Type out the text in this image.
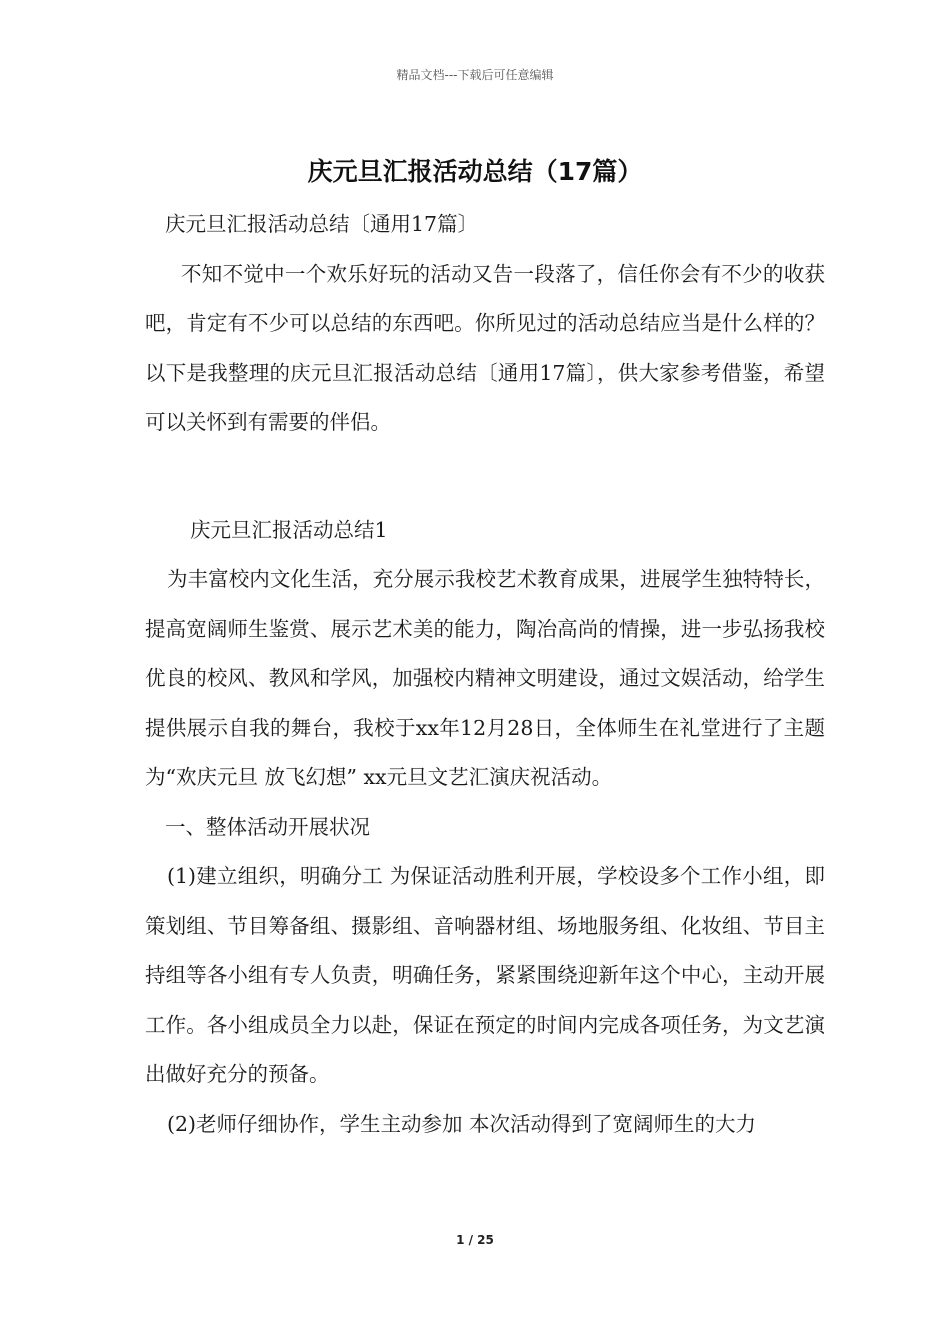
精品文档---下载后可任意编辑
庆元旦汇报活动总结（17篇）

庆元旦汇报活动总结〔通用17篇〕

不知不觉中一个欢乐好玩的活动又告一段落了，信任你会有不少的收获吧，肯定有不少可以总结的东西吧。你所见过的活动总结应当是什么样的？以下是我整理的庆元旦汇报活动总结〔通用17篇〕，供大家参考借鉴，希望可以关怀到有需要的伴侣。

庆元旦汇报活动总结1

为丰富校内文化生活，充分展示我校艺术教育成果，进展学生独特特长，提高宽阔师生鉴赏、展示艺术美的能力，陶冶高尚的情操，进一步弘扬我校优良的校风、教风和学风，加强校内精神文明建设，通过文娱活动，给学生提供展示自我的舞台，我校于xx年12月28日，全体师生在礼堂进行了主题为“欢庆元旦 放飞幻想” xx元旦文艺汇演庆祝活动。

一、整体活动开展状况

(1)建立组织，明确分工 为保证活动胜利开展，学校设多个工作小组，即策划组、节目筹备组、摄影组、音响器材组、场地服务组、化妆组、节目主持组等各小组有专人负责，明确任务，紧紧围绕迎新年这个中心，主动开展工作。各小组成员全力以赴，保证在预定的时间内完成各项任务，为文艺演出做好充分的预备。

(2)老师仔细协作，学生主动参加 本次活动得到了宽阔师生的大力

1 / 25
